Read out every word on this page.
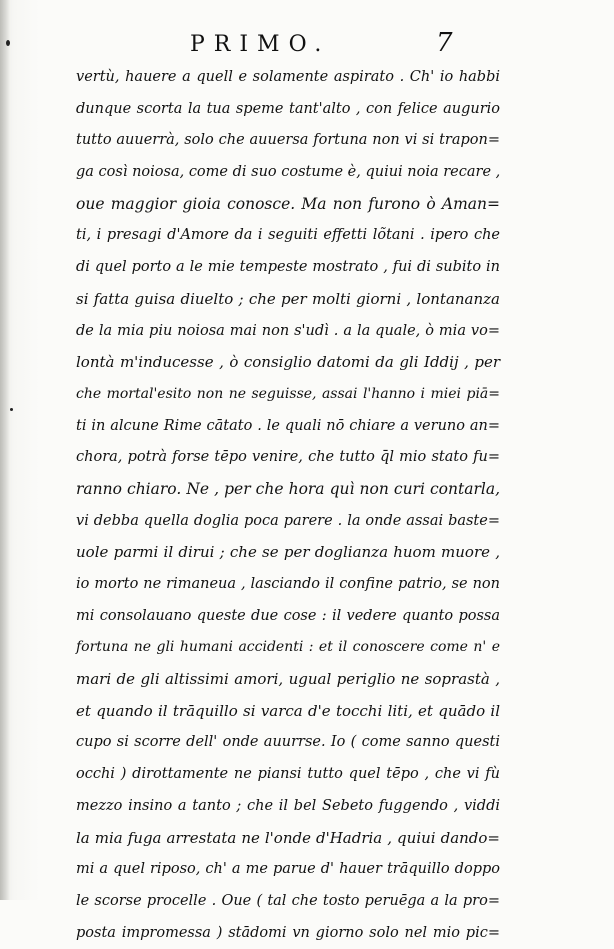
PRIMO.	7
vertù, hauere a quell e solamente aspirato . Ch' io habbi
dunque scorta la tua speme tant'alto , con felice augurio
tutto auuerrà, solo che auuersa fortuna non vi si trapon=
ga così noiosa, come di suo costume è, quiui noia recare ,
oue maggior gioia conosce. Ma non furono ò Aman=
ti, i presagi d'Amore da i seguiti effetti lõtani . ipero che
di quel porto a le mie tempeste mostrato , fui di subito in
si fatta guisa diuelto ; che per molti giorni , lontananza
de la mia piu noiosa mai non s'udì . a la quale, ò mia vo=
lontà m'inducesse , ò consiglio datomi da gli Iddij , per
che mortal'esito non ne seguisse, assai l'hanno i miei piā=
ti in alcune Rime cātato . le quali nō chiare a veruno an=
chora, potrà forse tēpo venire, che tutto q̄l mio stato fu=
ranno chiaro. Ne , per che hora quì non curi contarla,
vi debba quella doglia poca parere . la onde assai baste=
uole parmi il dirui ; che se per doglianza huom muore ,
io morto ne rimaneua , lasciando il confine patrio, se non
mi consolauano queste due cose : il vedere quanto possa
fortuna ne gli humani accidenti : et il conoscere come n' e
mari de gli altissimi amori, ugual periglio ne soprastà ,
et quando il trāquillo si varca d'e tocchi liti, et quādo il
cupo si scorre dell' onde auurrse. Io ( come sanno questi
occhi ) dirottamente ne piansi tutto quel tēpo , che vi fù
mezzo insino a tanto ; che il bel Sebeto fuggendo , viddi
la mia fuga arrestata ne l'onde d'Hadria , quiui dando=
mi a quel riposo, ch' a me parue d' hauer trāquillo doppo
le scorse procelle . Oue ( tal che tosto peruēga a la pro=
posta impromessa ) stādomi vn giorno solo nel mio pic=
